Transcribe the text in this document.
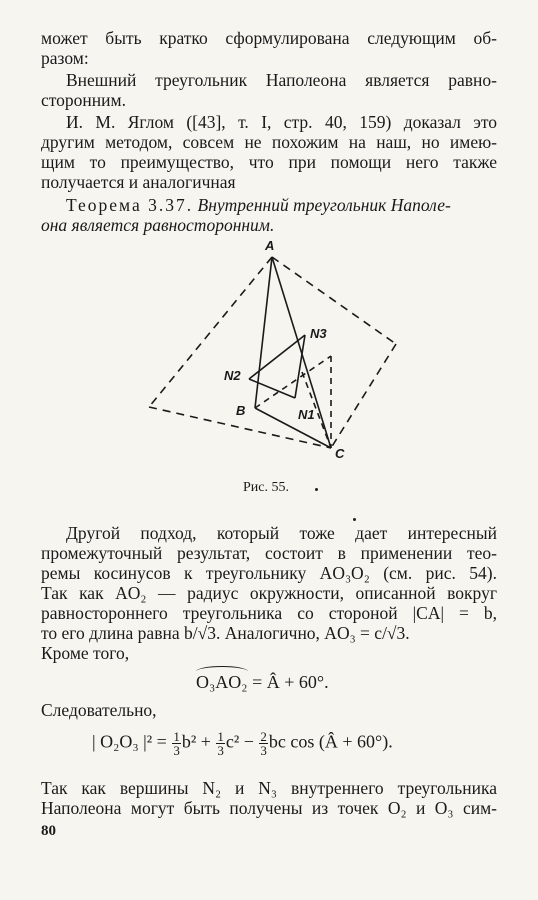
может быть кратко сформулирована следующим об-
разом:
Внешний треугольник Наполеона является равно-
сторонним.
И. М. Яглом ([43], т. I, стр. 40, 159) доказал это
другим методом, совсем не похожим на наш, но имею-
щим то преимущество, что при помощи него также
получается и аналогичная
Теорема 3.37. Внутренний треугольник Наполе-
она является равносторонним.
A
B
C
N1
N2
N3
Рис. 55.
Другой подход, который тоже дает интересный
промежуточный результат, состоит в применении тео-
ремы косинусов к треугольнику AO₃O₂ (см. рис. 54).
Так как AO₂ — радиус окружности, описанной вокруг
равностороннего треугольника со стороной |CA| = b,
то его длина равна b/√3. Аналогично, AO₃ = c/√3.
Кроме того,
O₃AO₂ = Â + 60°.
Следовательно,
| O₂O₃ $|^2 = \frac{1}{3} b^2 + \frac{1}{3} c^2 - \frac{2}{3}$ bc cos (Â + 60°).
Так как вершины N₂ и N₃ внутреннего треугольника
Наполеона могут быть получены из точек O₂ и O₃ сим-
80
